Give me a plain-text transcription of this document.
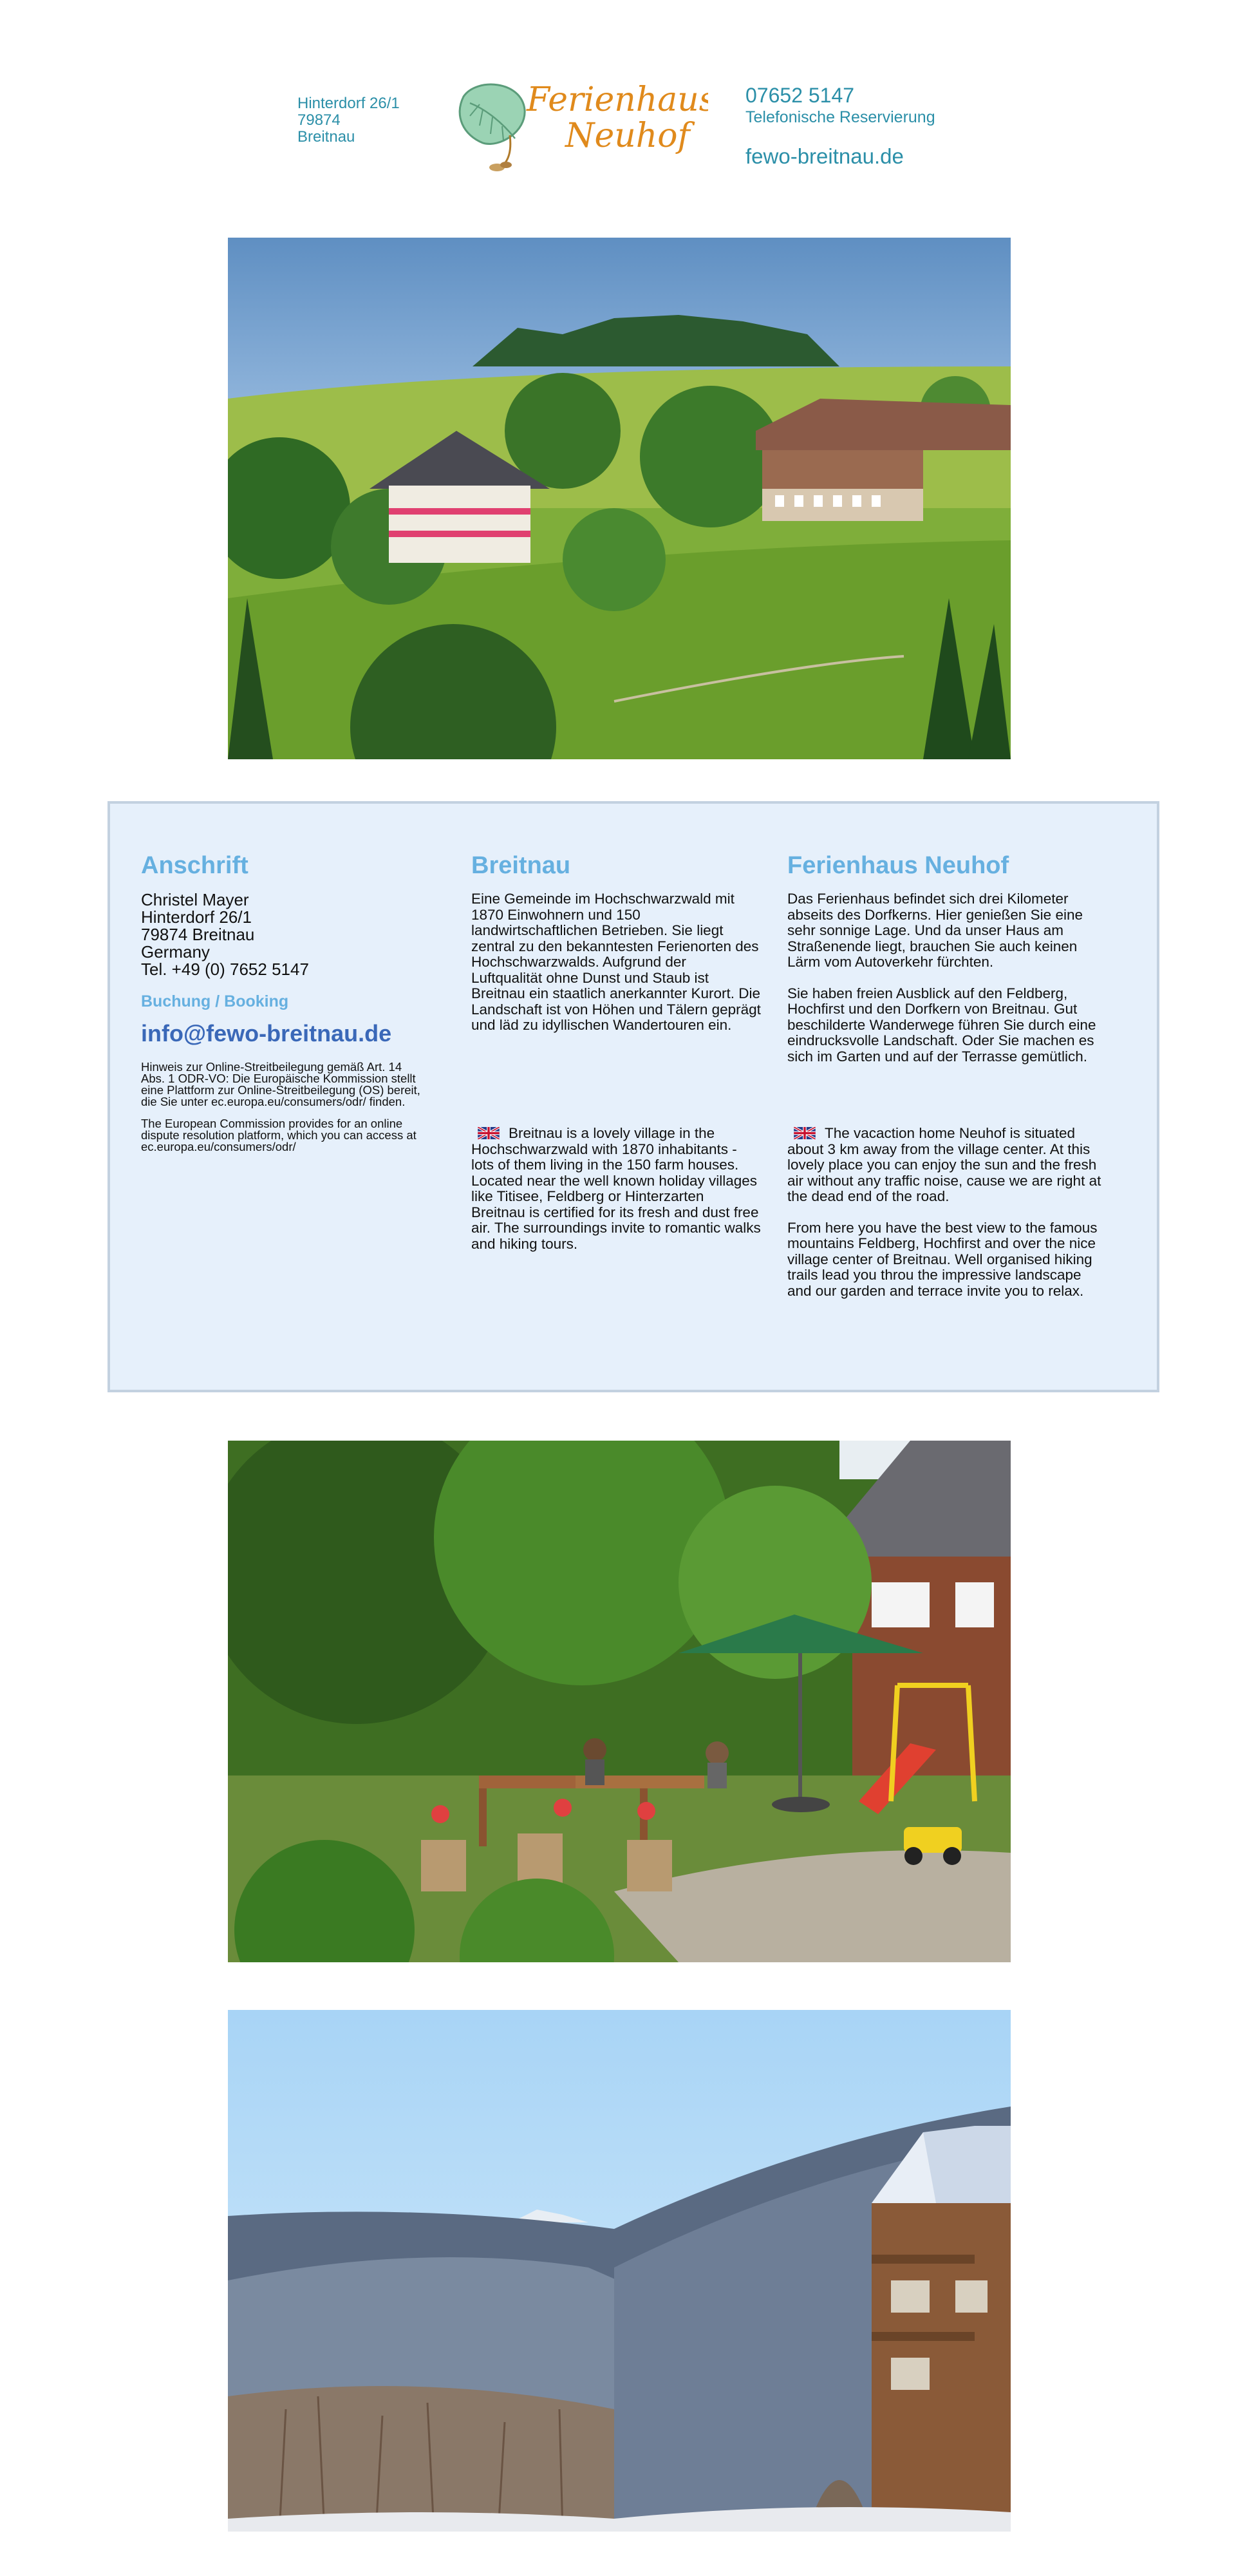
Hinterdorf 26/1
79874
Breitnau
Ferienhaus
Neuhof
07652 5147
Telefonische Reservierung
fewo-breitnau.de
Anschrift
Christel Mayer
Hinterdorf 26/1
79874 Breitnau
Germany
Tel. +49 (0) 7652 5147
Buchung / Booking
info@fewo-breitnau.de
Hinweis zur Online-Streitbeilegung gemäß Art. 14 Abs. 1 ODR-VO: Die Europäische Kommission stellt eine Plattform zur Online-Streitbeilegung (OS) bereit, die Sie unter ec.europa.eu/consumers/odr/ finden.
The European Commission provides for an online dispute resolution platform, which you can access at ec.europa.eu/consumers/odr/
Breitnau
Eine Gemeinde im Hochschwarzwald mit 1870 Einwohnern und 150 landwirtschaftlichen Betrieben. Sie liegt zentral zu den bekanntesten Ferienorten des Hochschwarzwalds. Aufgrund der Luftqualität ohne Dunst und Staub ist Breitnau ein staatlich anerkannter Kurort. Die Landschaft ist von Höhen und Tälern geprägt und läd zu idyllischen Wandertouren ein.
Breitnau is a lovely village in the Hochschwarzwald with 1870 inhabitants - lots of them living in the 150 farm houses. Located near the well known holiday villages like Titisee, Feldberg or Hinterzarten Breitnau is certified for its fresh and dust free air. The surroundings invite to romantic walks and hiking tours.
Ferienhaus Neuhof
Das Ferienhaus befindet sich drei Kilometer abseits des Dorfkerns. Hier genießen Sie eine sehr sonnige Lage. Und da unser Haus am Straßenende liegt, brauchen Sie auch keinen Lärm vom Autoverkehr fürchten.
Sie haben freien Ausblick auf den Feldberg, Hochfirst und den Dorfkern von Breitnau. Gut beschilderte Wanderwege führen Sie durch eine eindrucksvolle Landschaft. Oder Sie machen es sich im Garten und auf der Terrasse gemütlich.
The vacaction home Neuhof is situated about 3 km away from the village center. At this lovely place you can enjoy the sun and the fresh air without any traffic noise, cause we are right at the dead end of the road.
From here you have the best view to the famous mountains Feldberg, Hochfirst and over the nice village center of Breitnau. Well organised hiking trails lead you throu the impressive landscape and our garden and terrace invite you to relax.
